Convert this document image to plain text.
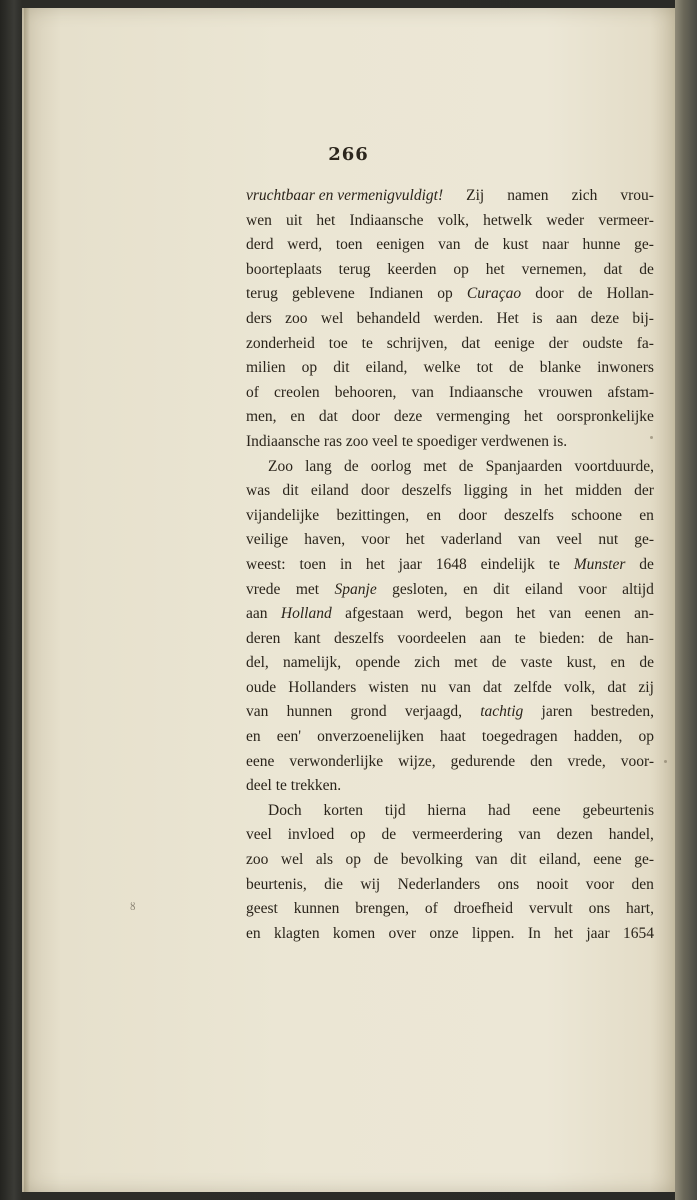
266
vruchtbaar en vermenigvuldigt! Zij namen zich vrou-
wen uit het Indiaansche volk, hetwelk weder vermeer-
derd werd, toen eenigen van de kust naar hunne ge-
boorteplaats terug keerden op het vernemen, dat de
terug geblevene Indianen op Curaçao door de Hollan-
ders zoo wel behandeld werden. Het is aan deze bij-
zonderheid toe te schrijven, dat eenige der oudste fa-
milien op dit eiland, welke tot de blanke inwoners
of creolen behooren, van Indiaansche vrouwen afstam-
men, en dat door deze vermenging het oorspronkelijke
Indiaansche
ras
zoo
veel
te
spoediger
verdwenen
is.
Zoo lang de oorlog met de Spanjaarden voortduurde,
was dit eiland door deszelfs ligging in het midden der
vijandelijke bezittingen, en door deszelfs schoone en
veilige haven, voor het vaderland van veel nut ge-
weest: toen in het jaar 1648 eindelijk te Munster de
vrede met Spanje gesloten, en dit eiland voor altijd
aan Holland afgestaan werd, begon het van eenen an-
deren kant deszelfs voordeelen aan te bieden: de han-
del, namelijk, opende zich met de vaste kust, en de
oude Hollanders wisten nu van dat zelfde volk, dat zij
van hunnen grond verjaagd, tachtig jaren bestreden,
en een' onverzoenelijken haat toegedragen hadden, op
eene verwonderlijke wijze, gedurende den vrede, voor-
deel
te
trekken.
Doch korten tijd hierna had eene gebeurtenis
veel invloed op de vermeerdering van dezen handel,
zoo wel als op de bevolking van dit eiland, eene ge-
beurtenis, die wij Nederlanders ons nooit voor den
geest kunnen brengen, of droefheid vervult ons hart,
en klagten komen over onze lippen. In het jaar 1654
ȣ
